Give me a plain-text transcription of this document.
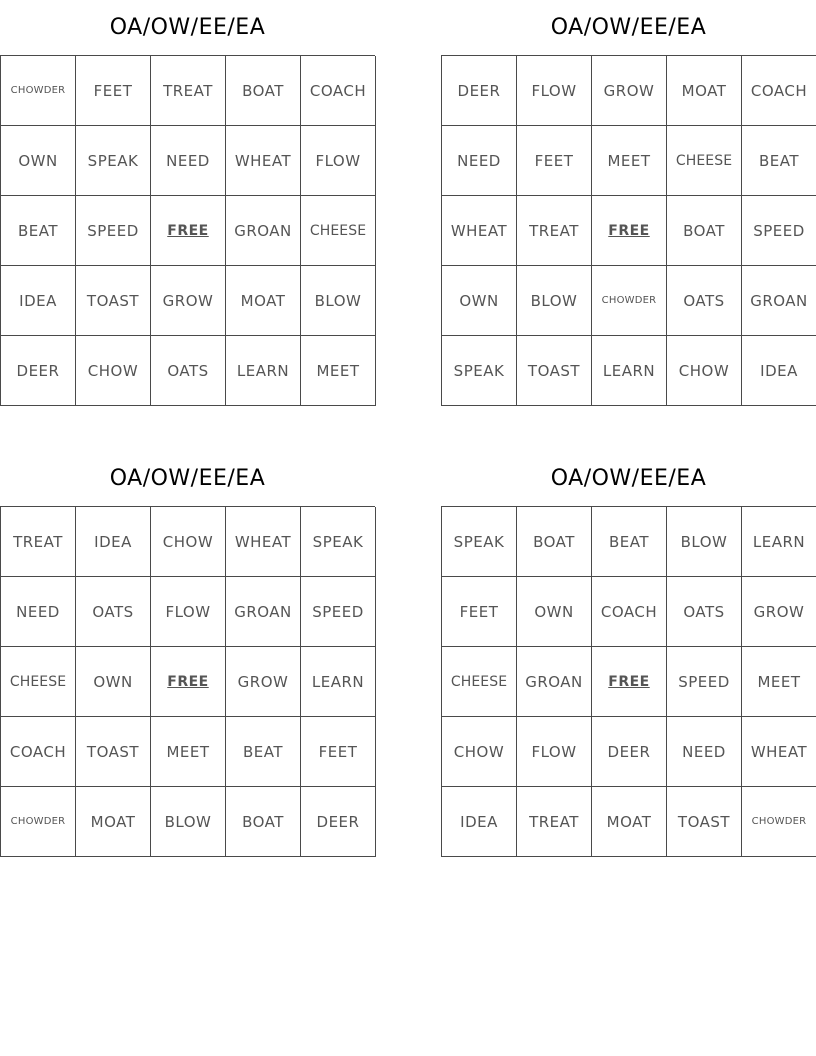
OA/OW/EE/EA
CHOWDER	FEET	TREAT	BOAT	COACH
OWN	SPEAK	NEED	WHEAT	FLOW
BEAT	SPEED	FREE	GROAN	CHEESE
IDEA	TOAST	GROW	MOAT	BLOW
DEER	CHOW	OATS	LEARN	MEET
OA/OW/EE/EA
DEER	FLOW	GROW	MOAT	COACH
NEED	FEET	MEET	CHEESE	BEAT
WHEAT	TREAT	FREE	BOAT	SPEED
OWN	BLOW	CHOWDER	OATS	GROAN
SPEAK	TOAST	LEARN	CHOW	IDEA
OA/OW/EE/EA
TREAT	IDEA	CHOW	WHEAT	SPEAK
NEED	OATS	FLOW	GROAN	SPEED
CHEESE	OWN	FREE	GROW	LEARN
COACH	TOAST	MEET	BEAT	FEET
CHOWDER	MOAT	BLOW	BOAT	DEER
OA/OW/EE/EA
SPEAK	BOAT	BEAT	BLOW	LEARN
FEET	OWN	COACH	OATS	GROW
CHEESE	GROAN	FREE	SPEED	MEET
CHOW	FLOW	DEER	NEED	WHEAT
IDEA	TREAT	MOAT	TOAST	CHOWDER
